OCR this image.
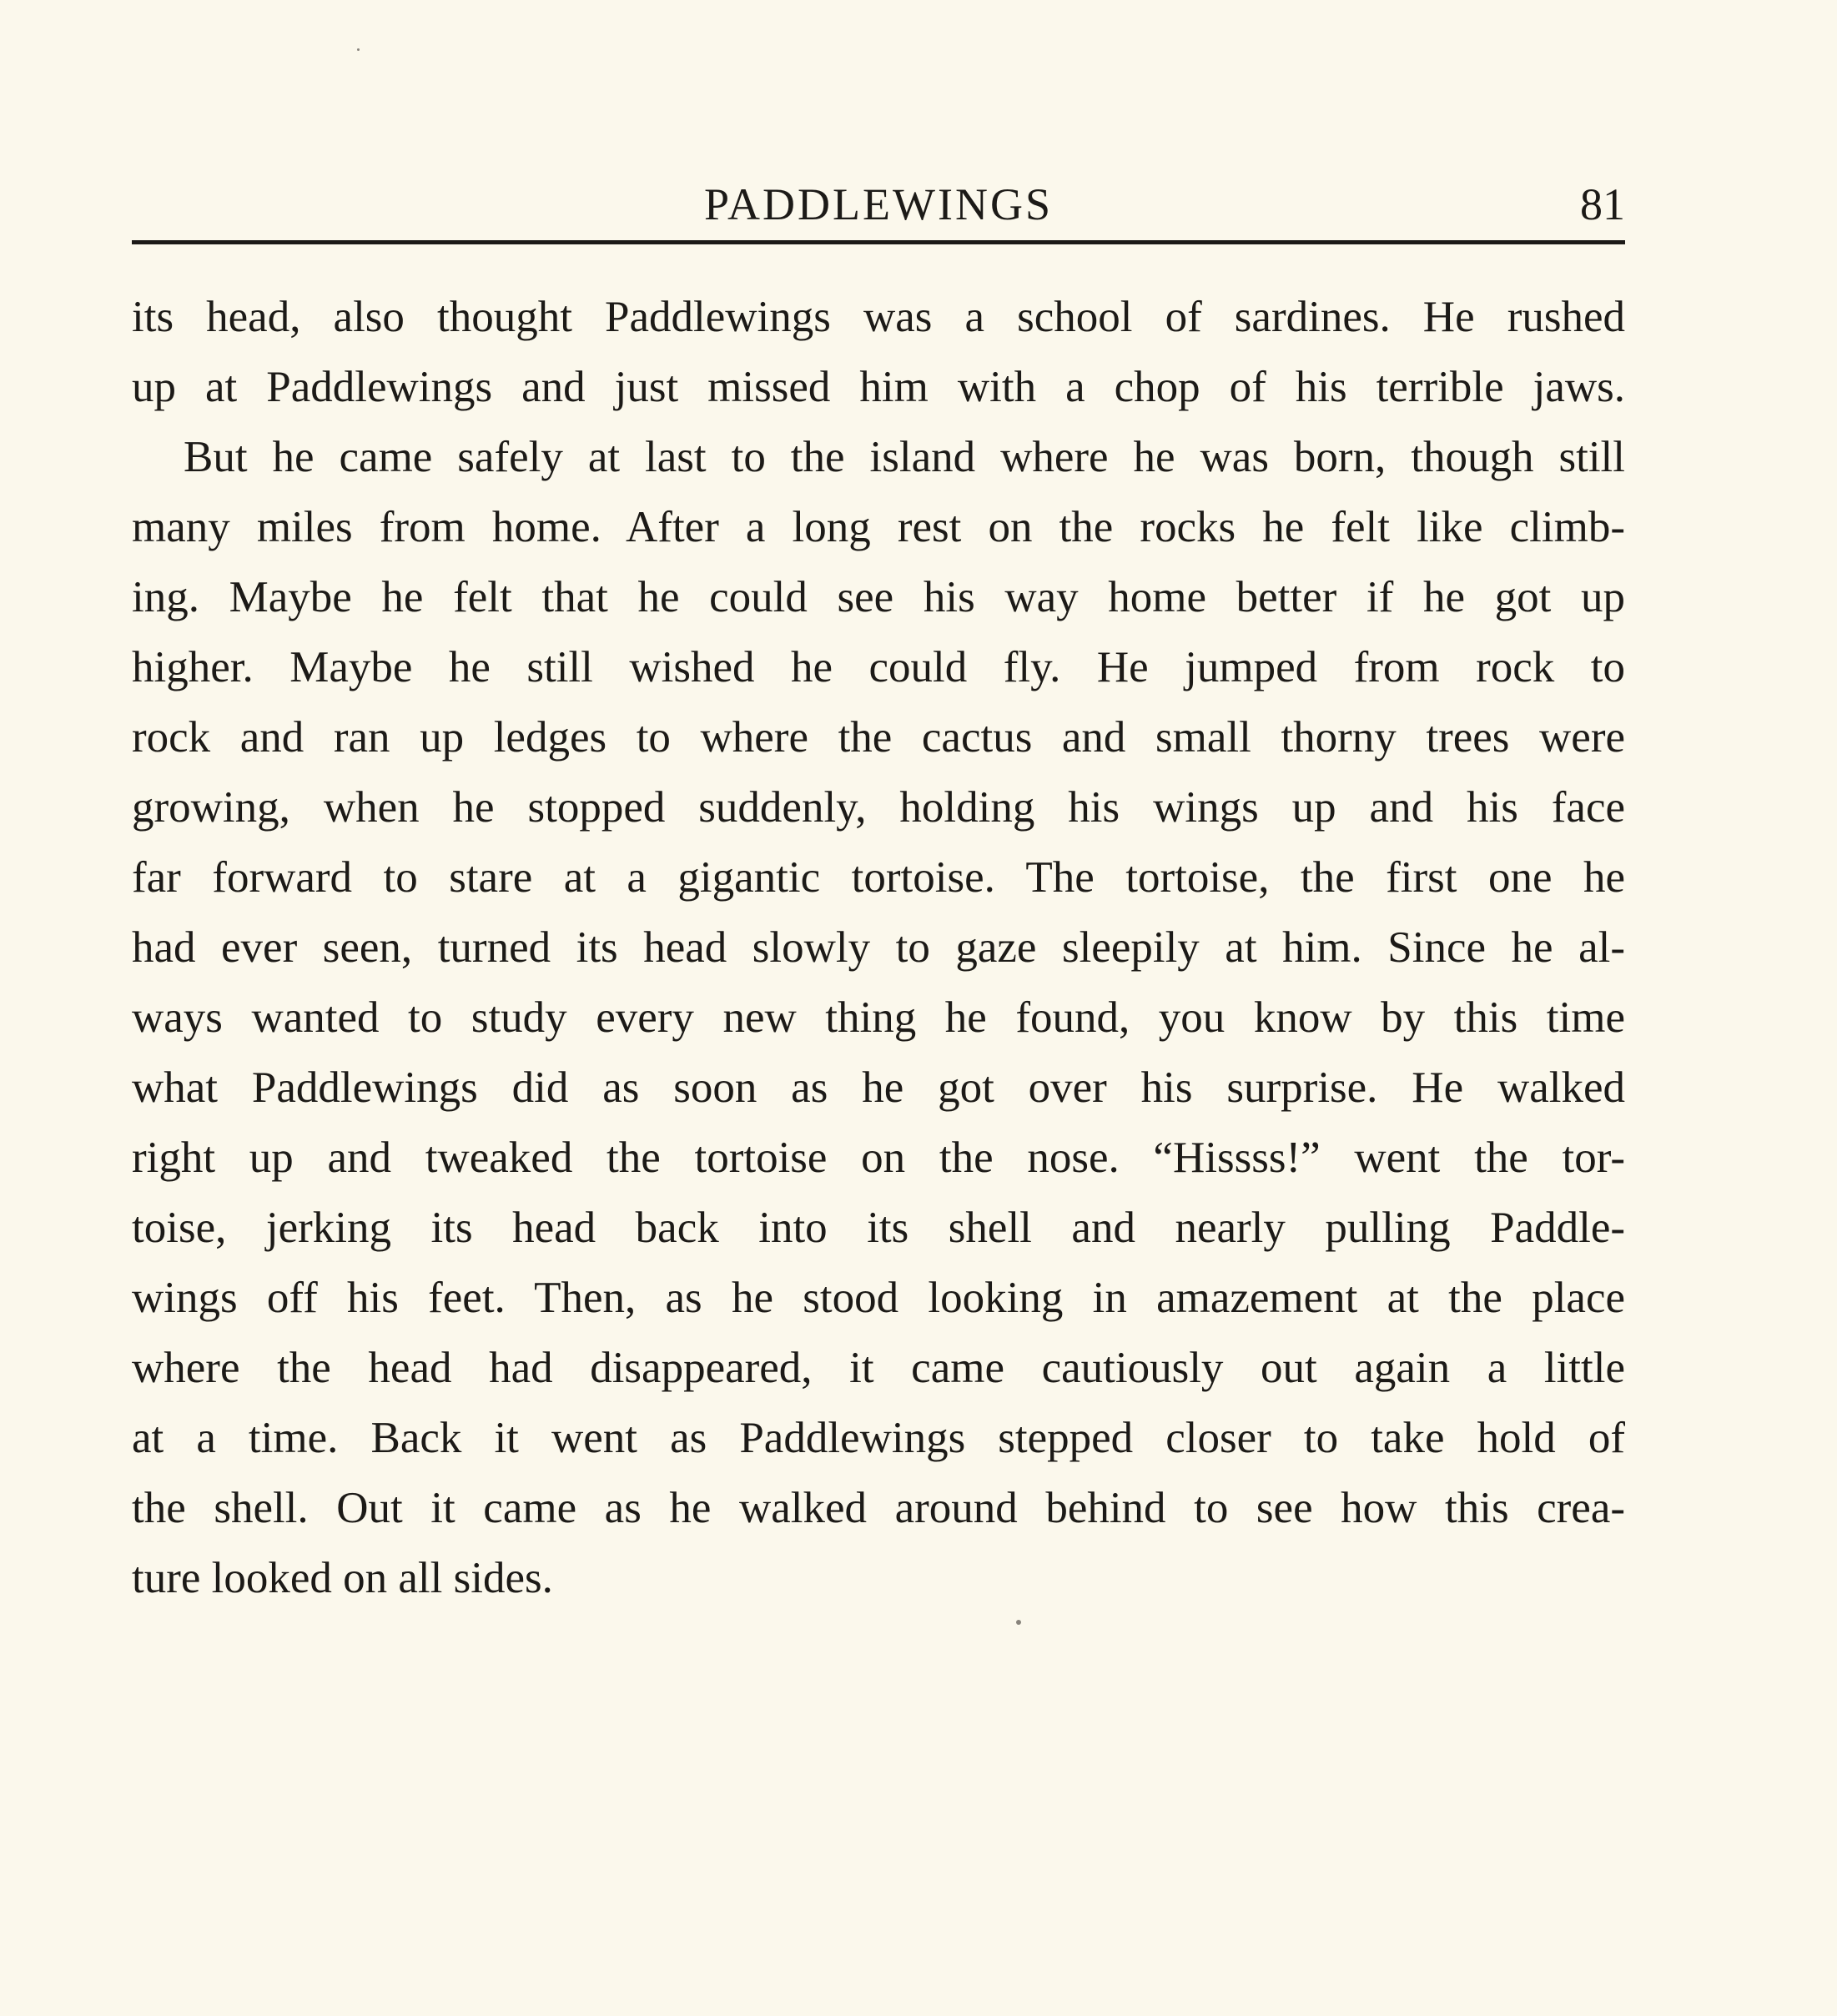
PADDLEWINGS	81
its head, also thought Paddlewings was a school of sardines. He rushed
up at Paddlewings and just missed him with a chop of his terrible jaws.
But he came safely at last to the island where he was born, though still
many miles from home. After a long rest on the rocks he felt like climb-
ing. Maybe he felt that he could see his way home better if he got up
higher. Maybe he still wished he could fly. He jumped from rock to
rock and ran up ledges to where the cactus and small thorny trees were
growing, when he stopped suddenly, holding his wings up and his face
far forward to stare at a gigantic tortoise. The tortoise, the first one he
had ever seen, turned its head slowly to gaze sleepily at him. Since he al-
ways wanted to study every new thing he found, you know by this time
what Paddlewings did as soon as he got over his surprise. He walked
right up and tweaked the tortoise on the nose. “Hissss!” went the tor-
toise, jerking its head back into its shell and nearly pulling Paddle-
wings off his feet. Then, as he stood looking in amazement at the place
where the head had disappeared, it came cautiously out again a little
at a time. Back it went as Paddlewings stepped closer to take hold of
the shell. Out it came as he walked around behind to see how this crea-
ture looked on all sides.
